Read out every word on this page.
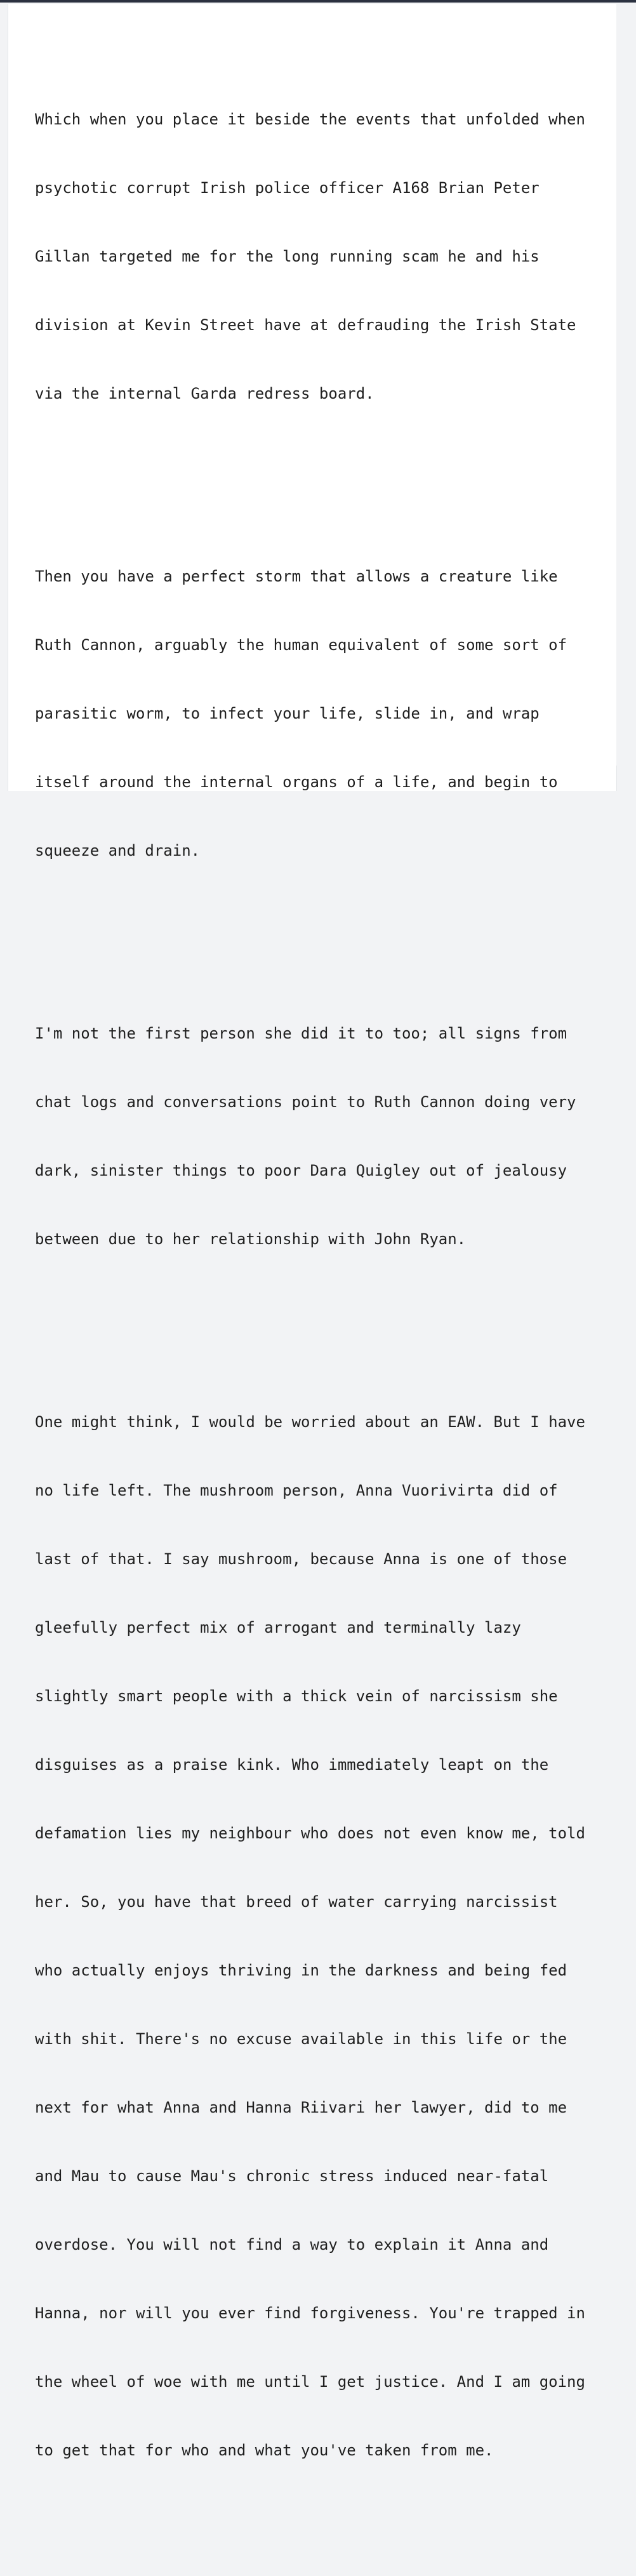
Which when you place it beside the events that unfolded when

psychotic corrupt Irish police officer A168 Brian Peter

Gillan targeted me for the long running scam he and his

division at Kevin Street have at defrauding the Irish State

via the internal Garda redress board.

Then you have a perfect storm that allows a creature like

Ruth Cannon, arguably the human equivalent of some sort of

parasitic worm, to infect your life, slide in, and wrap

itself around the internal organs of a life, and begin to

squeeze and drain.

I'm not the first person she did it to too; all signs from

chat logs and conversations point to Ruth Cannon doing very

dark, sinister things to poor Dara Quigley out of jealousy

between due to her relationship with John Ryan.

One might think, I would be worried about an EAW. But I have

no life left. The mushroom person, Anna Vuorivirta did of

last of that. I say mushroom, because Anna is one of those

gleefully perfect mix of arrogant and terminally lazy

slightly smart people with a thick vein of narcissism she

disguises as a praise kink. Who immediately leapt on the

defamation lies my neighbour who does not even know me, told

her. So, you have that breed of water carrying narcissist

who actually enjoys thriving in the darkness and being fed

with shit. There's no excuse available in this life or the

next for what Anna and Hanna Riivari her lawyer, did to me

and Mau to cause Mau's chronic stress induced near-fatal

overdose. You will not find a way to explain it Anna and

Hanna, nor will you ever find forgiveness. You're trapped in

the wheel of woe with me until I get justice. And I am going

to get that for who and what you've taken from me.
